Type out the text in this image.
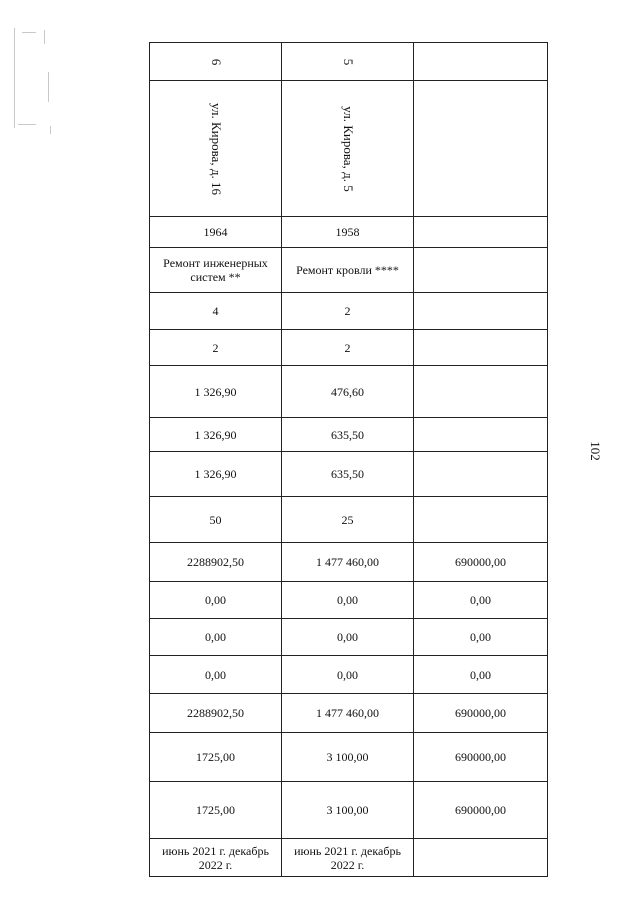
6	5	

ул. Кирова, д. 16	ул. Кирова, д. 5	

1964	1958	
Ремонт инженерных систем **	Ремонт кровли ****	
4	2	
2	2	
1 326,90	476,60	
1 326,90	635,50	
1 326,90	635,50	
50	25	
2288902,50	1 477 460,00	690000,00
0,00	0,00	0,00
0,00	0,00	0,00
0,00	0,00	0,00
2288902,50	1 477 460,00	690000,00
1725,00	3 100,00	690000,00
1725,00	3 100,00	690000,00
июнь 2021 г. декабрь 2022 г.	июнь 2021 г. декабрь 2022 г.	
102
